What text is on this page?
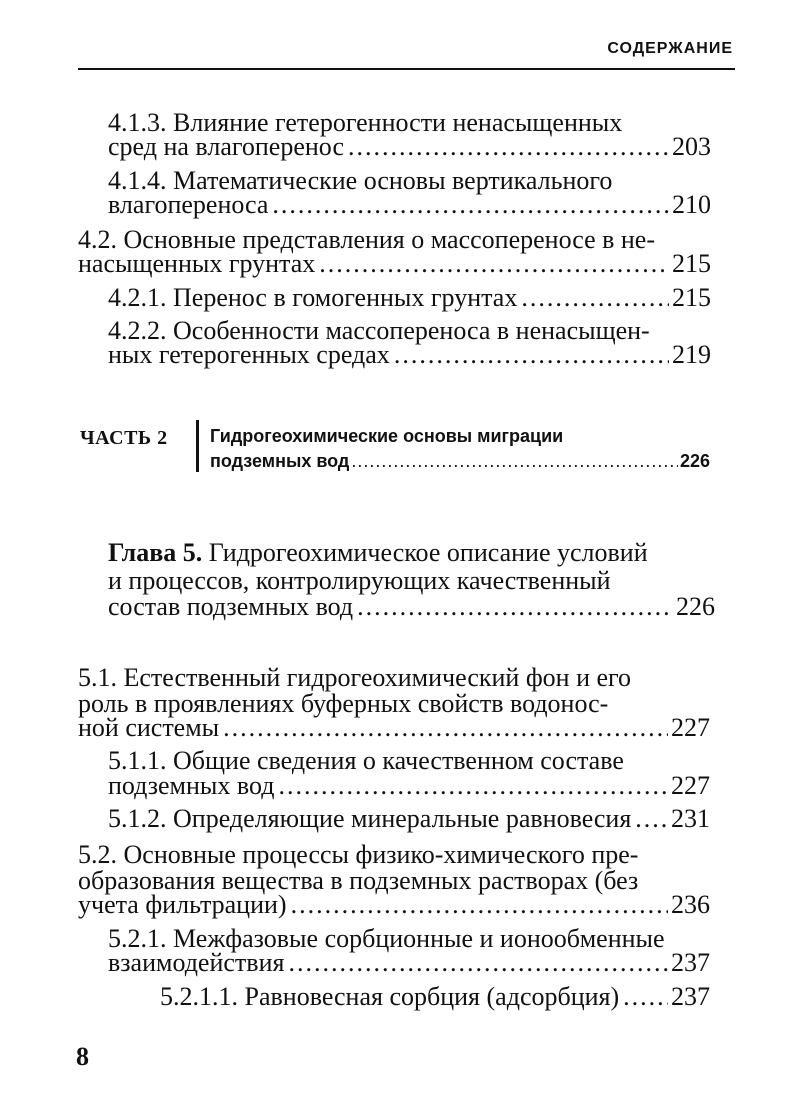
СОДЕРЖАНИЕ
4.1.3. Влияние гетерогенности ненасыщенных
сред на влагоперенос .....	203
4.1.4. Математические основы вертикального
влагопереноса .....	210
4.2. Основные представления о массопереносе в не-
насыщенных грунтах .....	215
4.2.1. Перенос в гомогенных грунтах .....	215
4.2.2. Особенности массопереноса в ненасыщен-
ных гетерогенных средах .....	219
ЧАСТЬ 2 Гидрогеохимические основы миграции
подземных вод .....	226
Глава 5. Гидрогеохимическое описание условий
и процессов, контролирующих качественный
состав подземных вод .....	226
5.1. Естественный гидрогеохимический фон и его
роль в проявлениях буферных свойств водонос-
ной системы .....	227
5.1.1. Общие сведения о качественном составе
подземных вод .....	227
5.1.2. Определяющие минеральные равновесия ..... 231
5.2. Основные процессы физико-химического пре-
образования вещества в подземных растворах (без
учета фильтрации) .....	236
5.2.1. Межфазовые сорбционные и ионообменные
взаимодействия .....	237
5.2.1.1. Равновесная сорбция (адсорбция) ..... 237
8
